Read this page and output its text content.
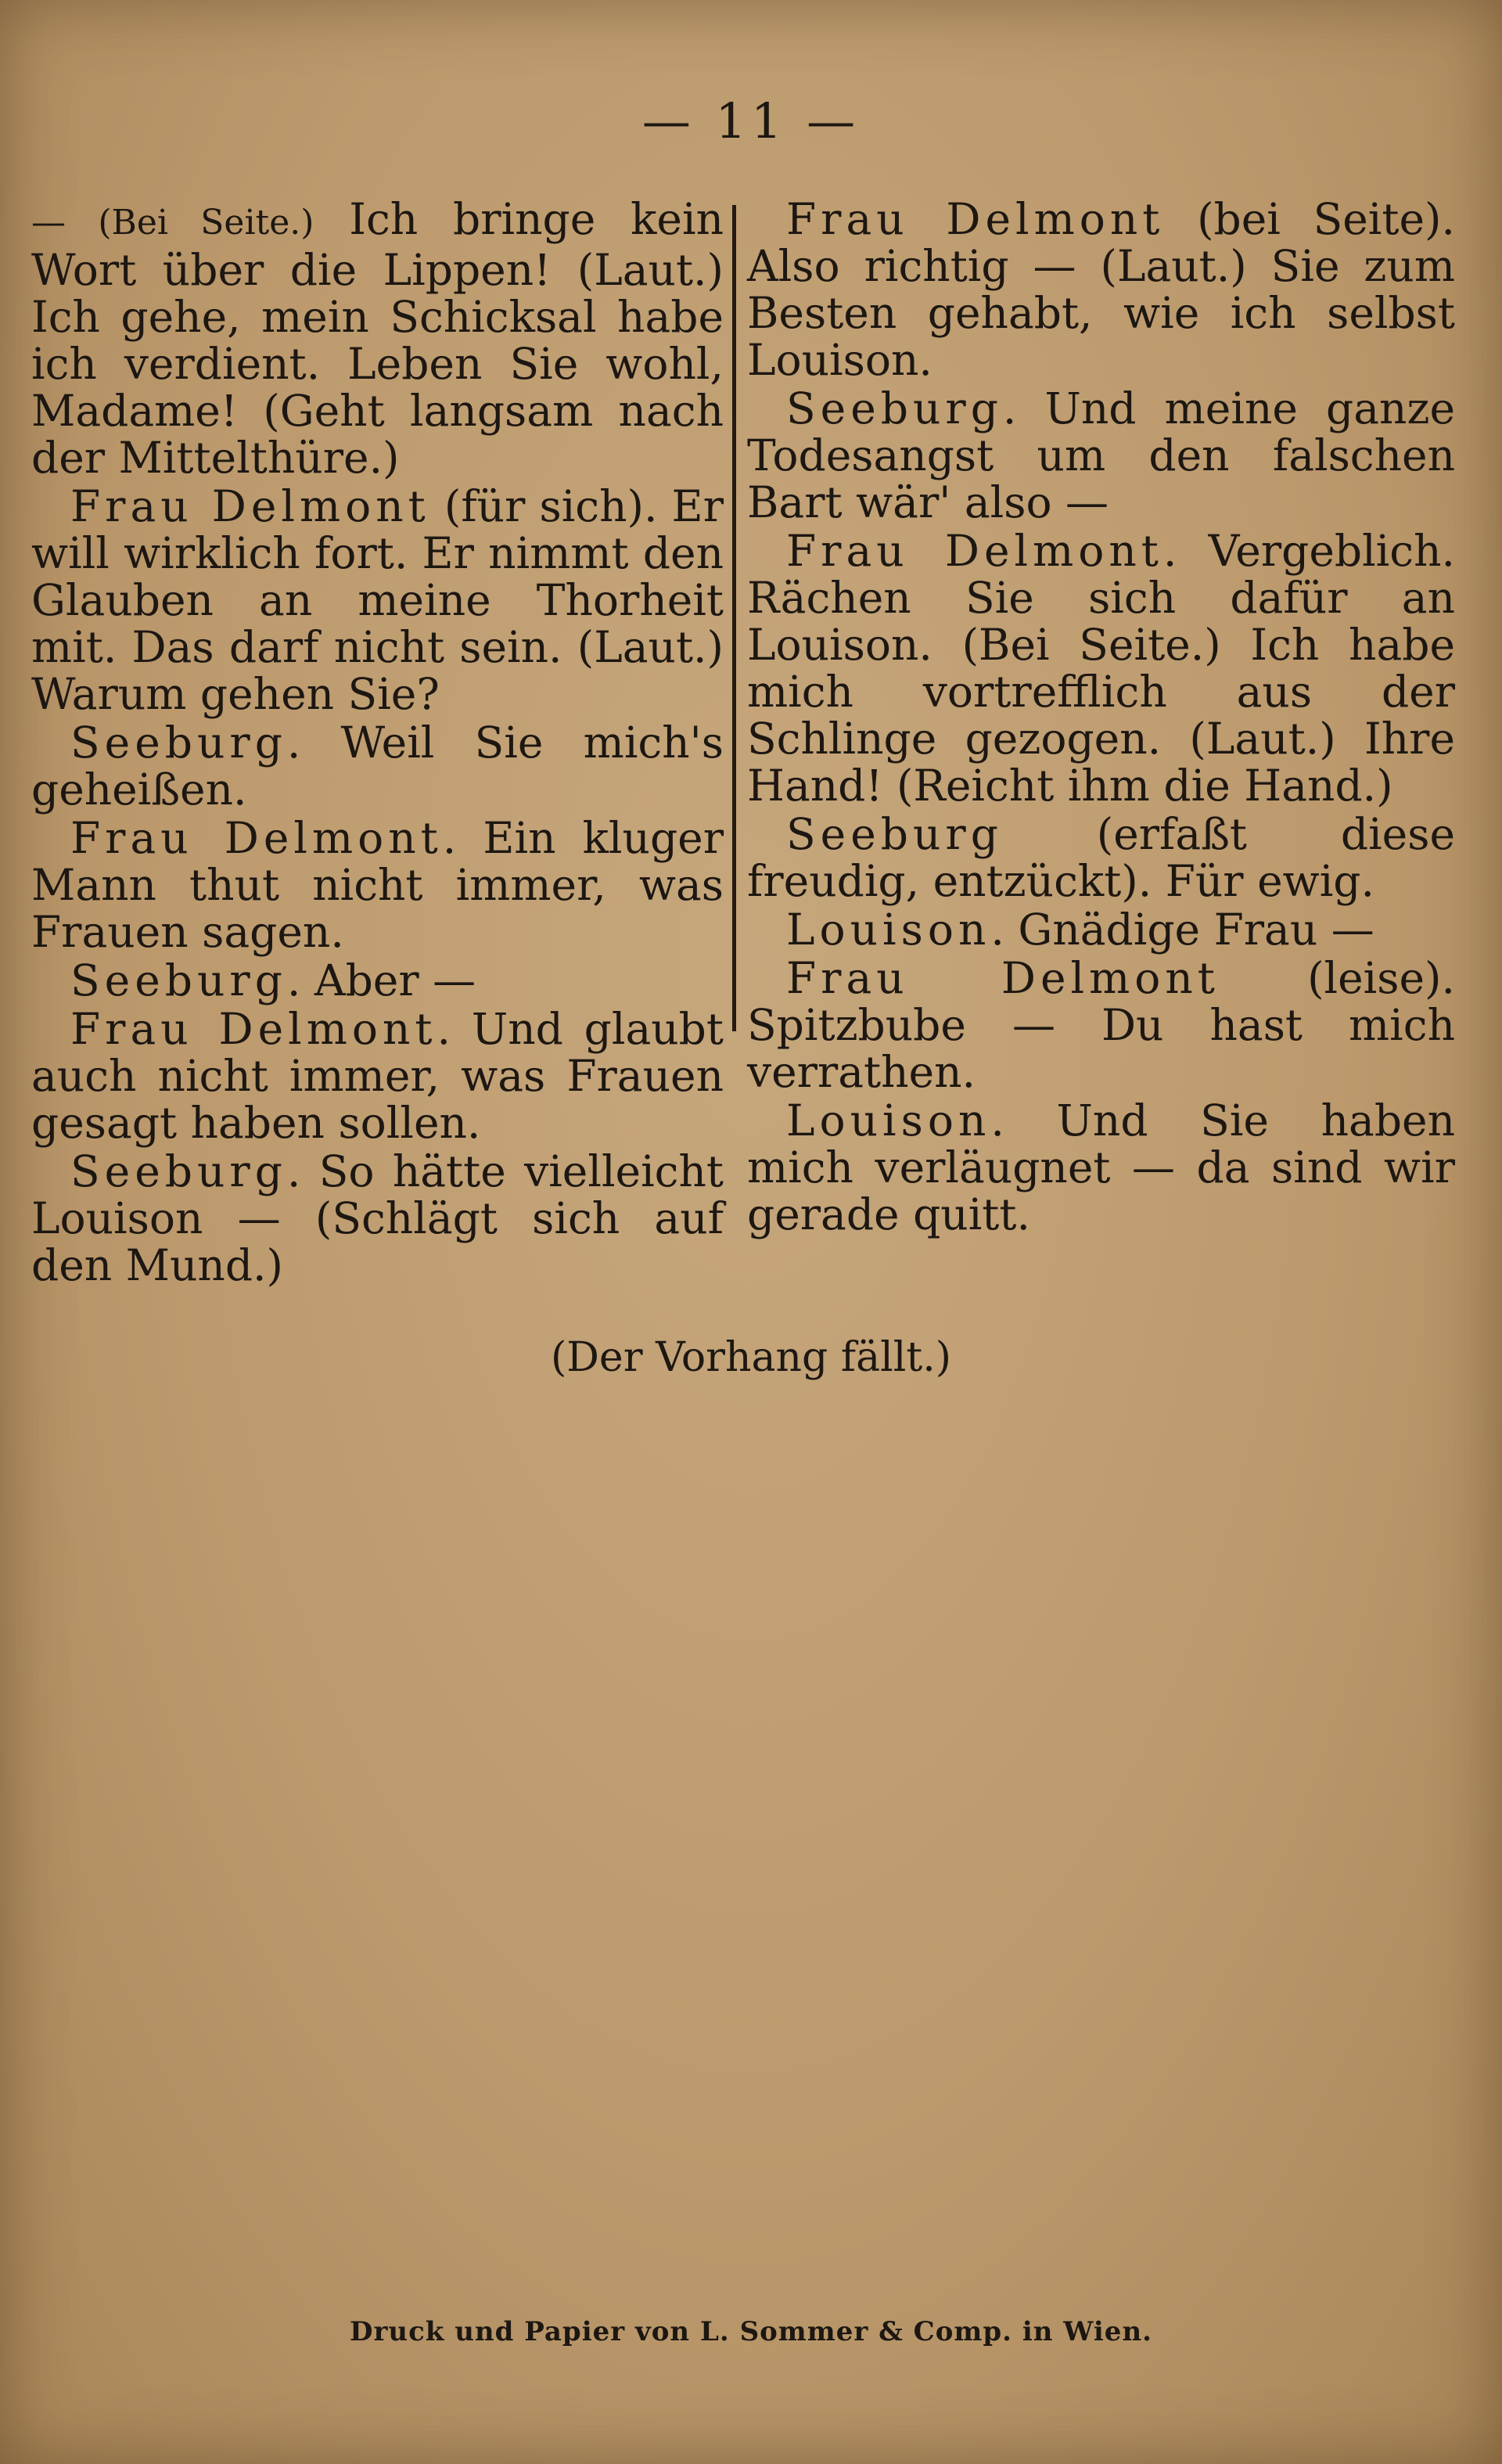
— 11 —

— (Bei Seite.) Ich bringe kein Wort über die Lippen! (Laut.) Ich gehe, mein Schicksal habe ich verdient. Leben Sie wohl, Madame! (Geht langsam nach der Mittelthüre.)

Frau Delmont (für sich). Er will wirklich fort. Er nimmt den Glauben an meine Thorheit mit. Das darf nicht sein. (Laut.) Warum gehen Sie?

Seeburg. Weil Sie mich's geheißen.

Frau Delmont. Ein kluger Mann thut nicht immer, was Frauen sagen.

Seeburg. Aber —

Frau Delmont. Und glaubt auch nicht immer, was Frauen gesagt haben sollen.

Seeburg. So hätte vielleicht Louison — (Schlägt sich auf den Mund.)

Frau Delmont (bei Seite). Also richtig — (Laut.) Sie zum Besten gehabt, wie ich selbst Louison.

Seeburg. Und meine ganze Todesangst um den falschen Bart wär' also —

Frau Delmont. Vergeblich. Rächen Sie sich dafür an Louison. (Bei Seite.) Ich habe mich vortrefflich aus der Schlinge gezogen. (Laut.) Ihre Hand! (Reicht ihm die Hand.)

Seeburg (erfaßt diese freudig, entzückt). Für ewig.

Louison. Gnädige Frau —

Frau Delmont (leise). Spitzbube — Du hast mich verrathen.

Louison. Und Sie haben mich verläugnet — da sind wir gerade quitt.

(Der Vorhang fällt.)
Druck und Papier von L. Sommer & Comp. in Wien.
